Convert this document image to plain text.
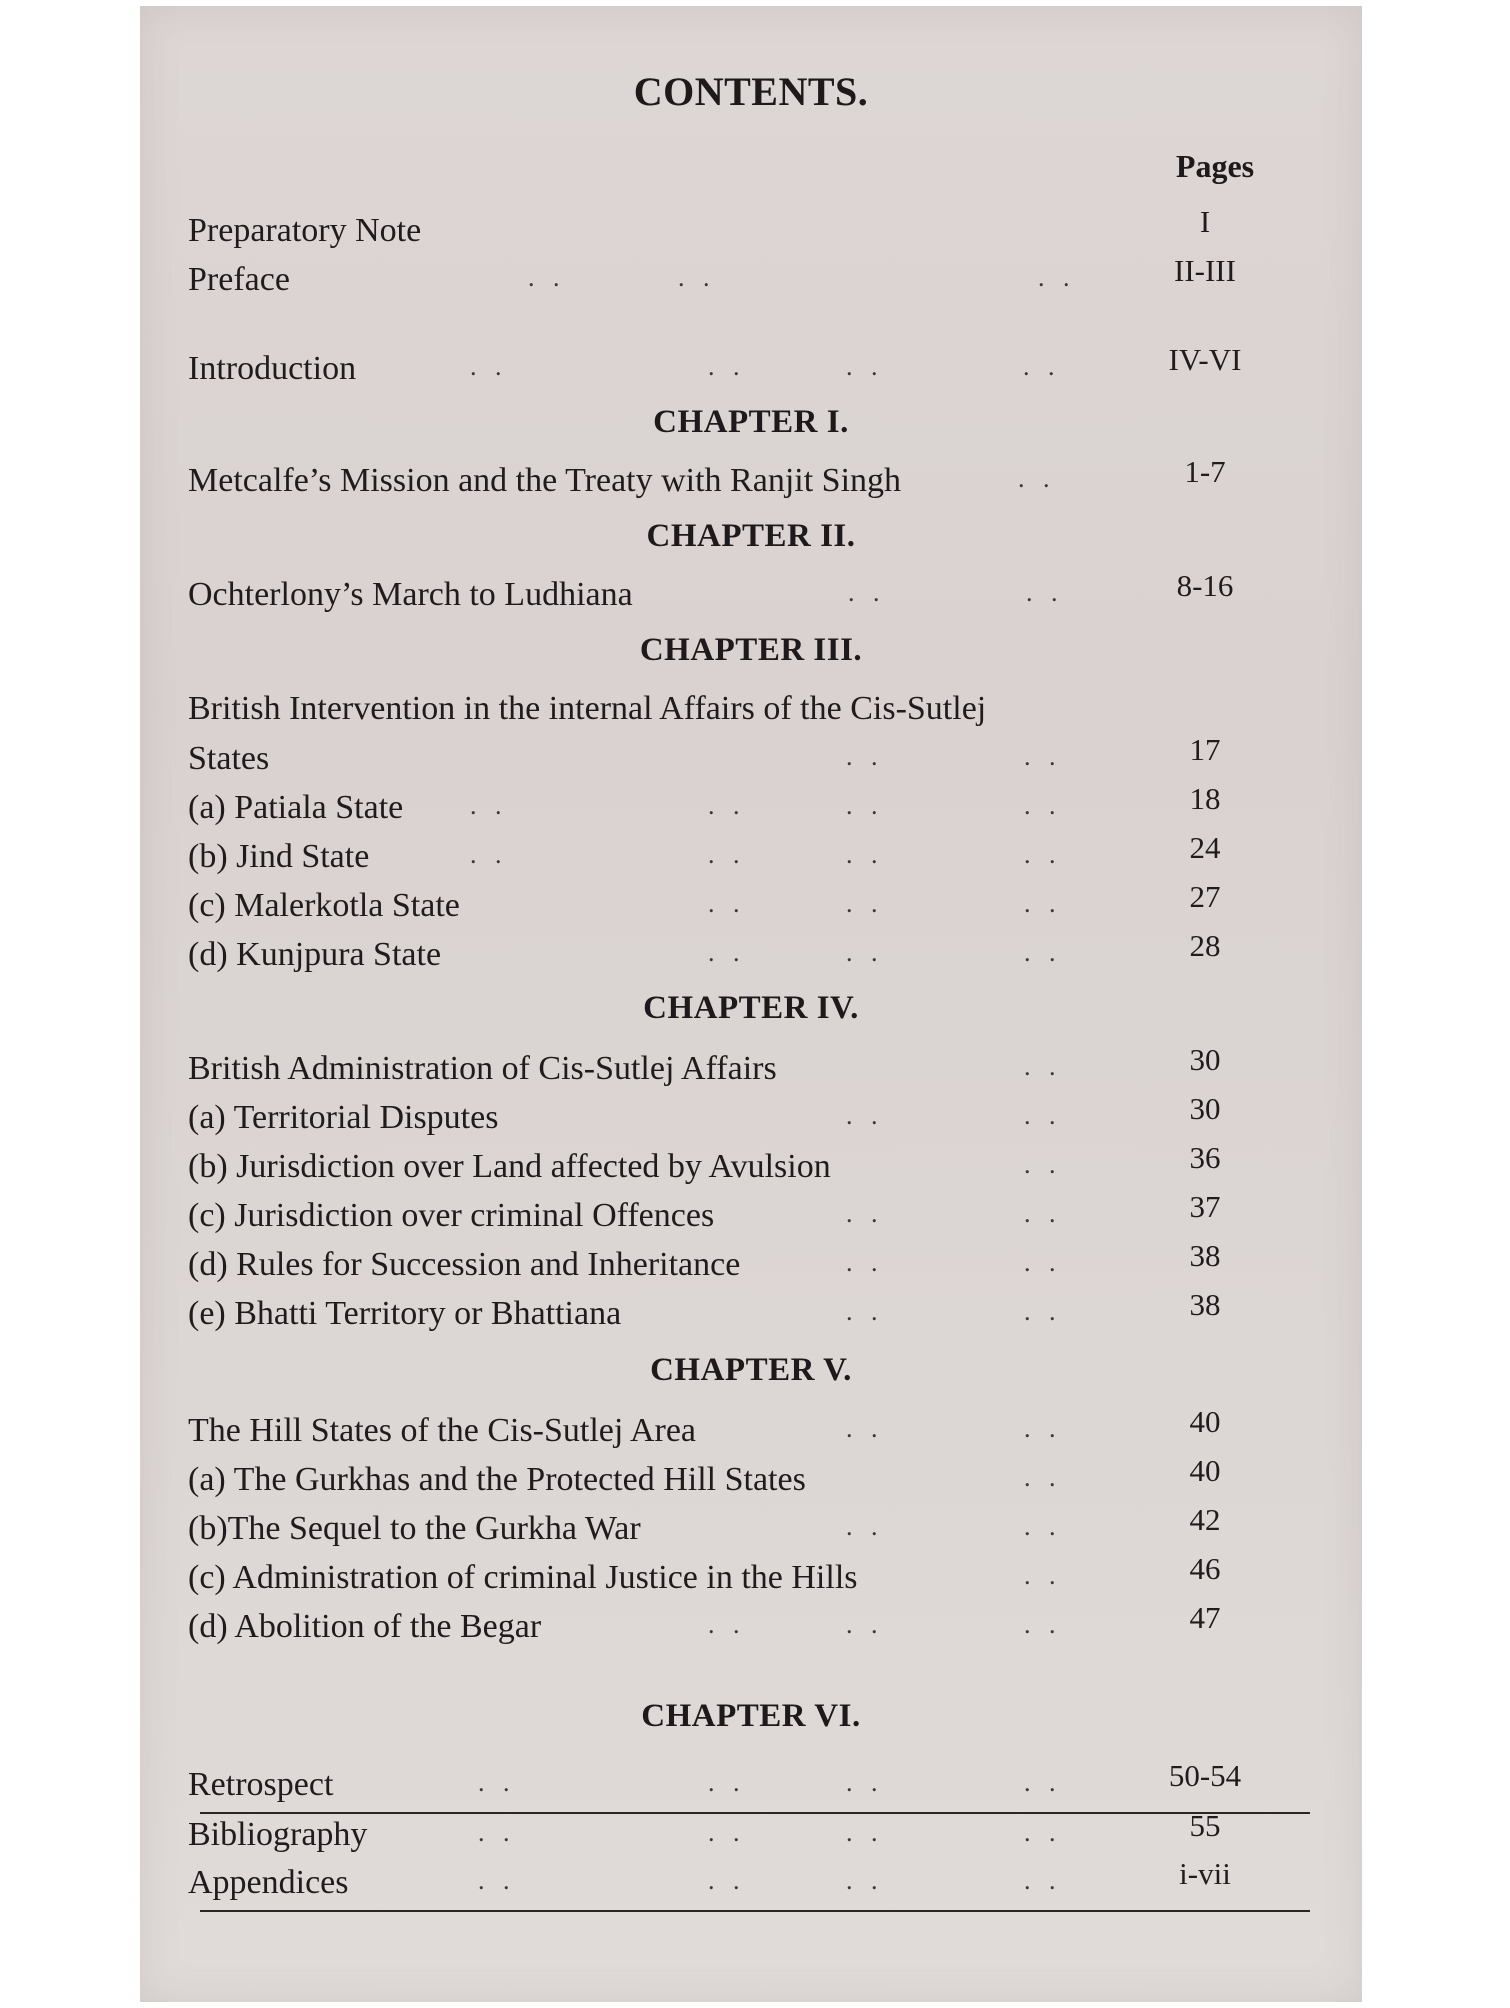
CONTENTS.
Pages
Preparatory Note	I
Preface	. .	. .	. .	II-III
Introduction	. .	. .	. .	. .	IV-VI
CHAPTER I.
Metcalfe’s Mission and the Treaty with Ranjit Singh	. .	1-7
CHAPTER II.
Ochterlony’s March to Ludhiana	. .	. .	8-16
CHAPTER III.
British Intervention in the internal Affairs of the Cis-Sutlej
States	. .	. .	17
(a) Patiala State	. .	. .	. .	. .	18
(b) Jind State	. .	. .	. .	. .	24
(c) Malerkotla State	. .	. .	. .	27
(d) Kunjpura State	. .	. .	. .	28
CHAPTER IV.
British Administration of Cis-Sutlej Affairs	. .	30
(a) Territorial Disputes	. .	. .	30
(b) Jurisdiction over Land affected by Avulsion	. .	36
(c) Jurisdiction over criminal Offences	. .	. .	37
(d) Rules for Succession and Inheritance	. .	. .	38
(e) Bhatti Territory or Bhattiana	. .	. .	38
CHAPTER V.
The Hill States of the Cis-Sutlej Area	. .	. .	40
(a) The Gurkhas and the Protected Hill States	. .	40
(b)The Sequel to the Gurkha War	. .	. .	42
(c) Administration of criminal Justice in the Hills	. .	46
(d) Abolition of the Begar	. .	. .	. .	47
CHAPTER VI.
Retrospect	. .	. .	. .	. .	50-54
Bibliography	. .	. .	. .	. .	55
Appendices	. .	. .	. .	. .	i-vii
